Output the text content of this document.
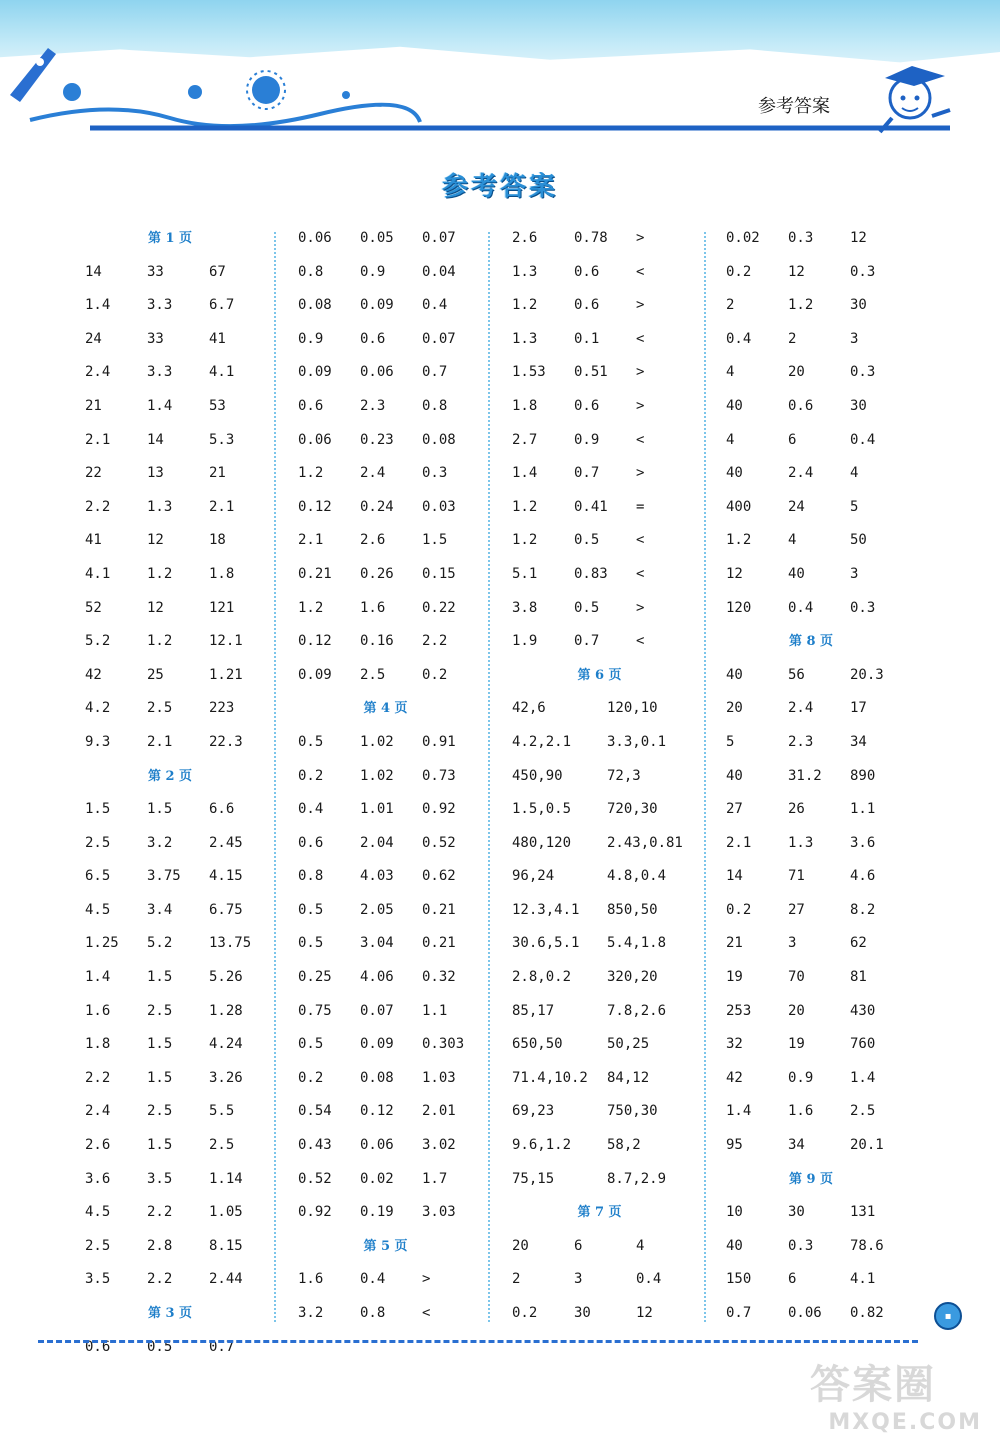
参考答案
参考答案
第 1 页
14	33	67
1.4	3.3	6.7
24	33	41
2.4	3.3	4.1
21	1.4	53
2.1	14	5.3
22	13	21
2.2	1.3	2.1
41	12	18
4.1	1.2	1.8
52	12	121
5.2	1.2	12.1
42	25	1.21
4.2	2.5	223
9.3	2.1	22.3
第 2 页
1.5	1.5	6.6
2.5	3.2	2.45
6.5	3.75 4.15
4.5	3.4	6.75
1.25 5.2	13.75
1.4	1.5	5.26
1.6	2.5	1.28
1.8	1.5	4.24
2.2	1.5	3.26
2.4	2.5	5.5
2.6	1.5	2.5
3.6	3.5	1.14
4.5	2.2	1.05
2.5	2.8	8.15
3.5	2.2	2.44
第 3 页
0.6	0.5	0.7
0.06 0.05 0.07
0.8	0.9	0.04
0.08 0.09 0.4
0.9	0.6	0.07
0.09 0.06 0.7
0.6	2.3	0.8
0.06 0.23 0.08
1.2	2.4	0.3
0.12 0.24 0.03
2.1	2.6	1.5
0.21 0.26 0.15
1.2	1.6	0.22
0.12 0.16 2.2
0.09 2.5	0.2
第 4 页
0.5	1.02 0.91
0.2	1.02 0.73
0.4	1.01 0.92
0.6	2.04 0.52
0.8	4.03 0.62
0.5	2.05 0.21
0.5	3.04 0.21
0.25 4.06 0.32
0.75 0.07 1.1
0.5	0.09 0.303
0.2	0.08 1.03
0.54 0.12 2.01
0.43 0.06 3.02
0.52 0.02 1.7
0.92 0.19 3.03
第 5 页
1.6	0.4	>
3.2	0.8	<
2.6	0.78 >
1.3	0.6	<
1.2	0.6	>
1.3	0.1	<
1.53 0.51 >
1.8	0.6	>
2.7	0.9	<
1.4	0.7	>
1.2	0.41 =
1.2	0.5	<
5.1	0.83 <
3.8	0.5	>
1.9	0.7	<
第 6 页
42,6	120,10
4.2,2.1	3.3,0.1
450,90	72,3
1.5,0.5	720,30
480,120	2.43,0.81
96,24	4.8,0.4
12.3,4.1 850,50
30.6,5.1 5.4,1.8
2.8,0.2	320,20
85,17	7.8,2.6
650,50	50,25
71.4,10.2 84,12
69,23	750,30
9.6,1.2	58,2
75,15	8.7,2.9
第 7 页
20	6	4
2	3	0.4
0.2	30	12
0.02 0.3	12
0.2	12	0.3
2	1.2	30
0.4	2	3
4	20	0.3
40	0.6	30
4	6	0.4
40	2.4	4
400	24	5
1.2	4	50
12	40	3
120	0.4	0.3
第 8 页
40	56	20.3
20	2.4	17
5	2.3	34
40	31.2 890
27	26	1.1
2.1	1.3	3.6
14	71	4.6
0.2	27	8.2
21	3	62
19	70	81
253	20	430
32	19	760
42	0.9	1.4
1.4	1.6	2.5
95	34	20.1
第 9 页
10	30	131
40	0.3	78.6
150	6	4.1
0.7	0.06 0.82	▪
答案圈
MXQE.COM
